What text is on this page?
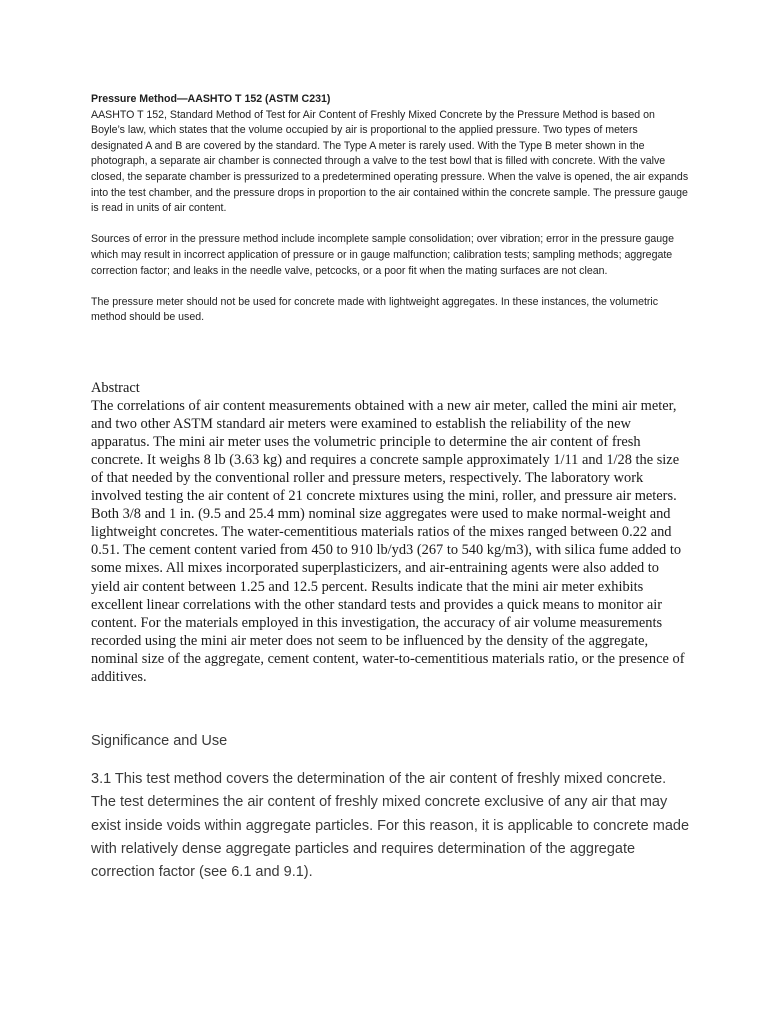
Pressure Method—AASHTO T 152 (ASTM C231)

AASHTO T 152, Standard Method of Test for Air Content of Freshly Mixed Concrete by the Pressure Method is based on Boyle’s law, which states that the volume occupied by air is proportional to the applied pressure. Two types of meters designated A and B are covered by the standard. The Type A meter is rarely used. With the Type B meter shown in the photograph, a separate air chamber is connected through a valve to the test bowl that is filled with concrete. With the valve closed, the separate chamber is pressurized to a predetermined operating pressure. When the valve is opened, the air expands into the test chamber, and the pressure drops in proportion to the air contained within the concrete sample. The pressure gauge is read in units of air content.

Sources of error in the pressure method include incomplete sample consolidation; over vibration; error in the pressure gauge which may result in incorrect application of pressure or in gauge malfunction; calibration tests; sampling methods; aggregate correction factor; and leaks in the needle valve, petcocks, or a poor fit when the mating surfaces are not clean.

The pressure meter should not be used for concrete made with lightweight aggregates. In these instances, the volumetric method should be used.

Abstract

The correlations of air content measurements obtained with a new air meter, called the mini air meter, and two other ASTM standard air meters were examined to establish the reliability of the new apparatus. The mini air meter uses the volumetric principle to determine the air content of fresh concrete. It weighs 8 lb (3.63 kg) and requires a concrete sample approximately 1/11 and 1/28 the size of that needed by the conventional roller and pressure meters, respectively. The laboratory work involved testing the air content of 21 concrete mixtures using the mini, roller, and pressure air meters. Both 3/8 and 1 in. (9.5 and 25.4 mm) nominal size aggregates were used to make normal-weight and lightweight concretes. The water-cementitious materials ratios of the mixes ranged between 0.22 and 0.51. The cement content varied from 450 to 910 lb/yd3 (267 to 540 kg/m3), with silica fume added to some mixes. All mixes incorporated superplasticizers, and air-entraining agents were also added to yield air content between 1.25 and 12.5 percent. Results indicate that the mini air meter exhibits excellent linear correlations with the other standard tests and provides a quick means to monitor air content. For the materials employed in this investigation, the accuracy of air volume measurements recorded using the mini air meter does not seem to be influenced by the density of the aggregate, nominal size of the aggregate, cement content, water-to-cementitious materials ratio, or the presence of additives.

Significance and Use

3.1 This test method covers the determination of the air content of freshly mixed concrete. The test determines the air content of freshly mixed concrete exclusive of any air that may exist inside voids within aggregate particles. For this reason, it is applicable to concrete made with relatively dense aggregate particles and requires determination of the aggregate correction factor (see 6.1 and 9.1).
